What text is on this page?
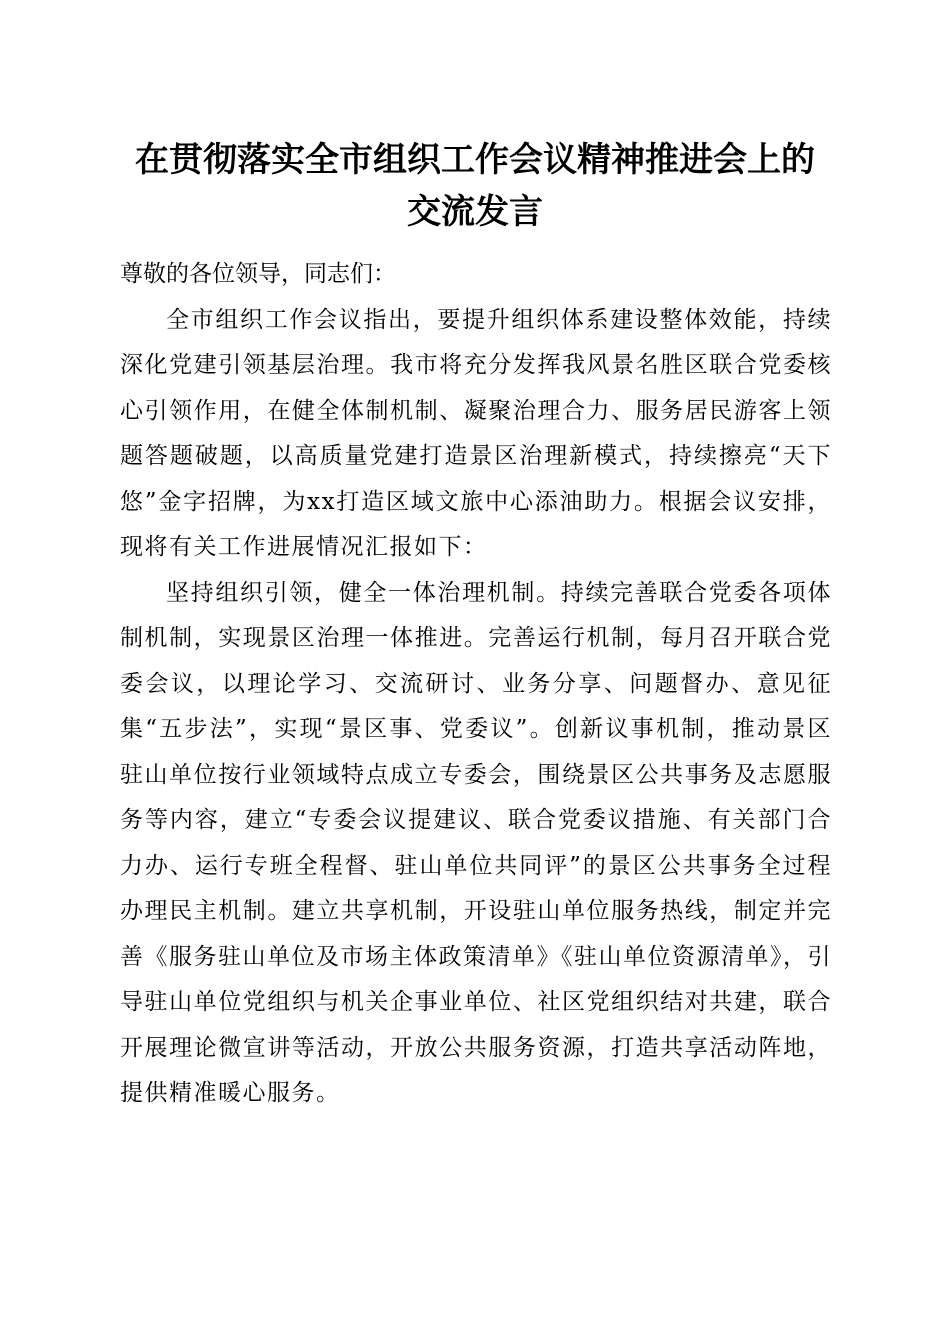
在贯彻落实全市组织工作会议精神推进会上的
交流发言

尊敬的各位领导，同志们：

全市组织工作会议指出，要提升组织体系建设整体效能，持续深化党建引领基层治理。我市将充分发挥我风景名胜区联合党委核心引领作用，在健全体制机制、凝聚治理合力、服务居民游客上领题答题破题，以高质量党建打造景区治理新模式，持续擦亮“天下悠”金字招牌，为xx打造区域文旅中心添油助力。根据会议安排，现将有关工作进展情况汇报如下：

坚持组织引领，健全一体治理机制。持续完善联合党委各项体制机制，实现景区治理一体推进。完善运行机制，每月召开联合党委会议，以理论学习、交流研讨、业务分享、问题督办、意见征集“五步法”，实现“景区事、党委议”。创新议事机制，推动景区驻山单位按行业领域特点成立专委会，围绕景区公共事务及志愿服务等内容，建立“专委会议提建议、联合党委议措施、有关部门合力办、运行专班全程督、驻山单位共同评”的景区公共事务全过程办理民主机制。建立共享机制，开设驻山单位服务热线，制定并完善《服务驻山单位及市场主体政策清单》《驻山单位资源清单》，引导驻山单位党组织与机关企事业单位、社区党组织结对共建，联合开展理论微宣讲等活动，开放公共服务资源，打造共享活动阵地，提供精准暖心服务。
